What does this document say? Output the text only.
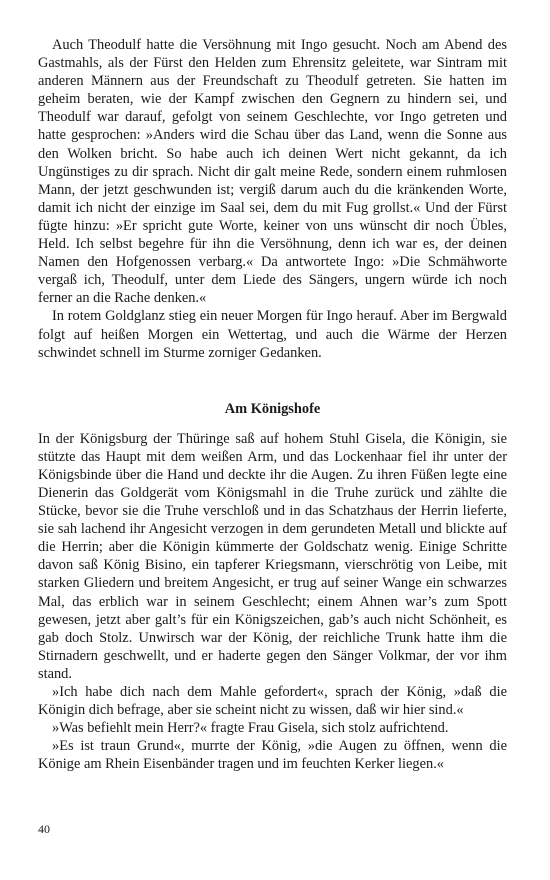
Auch Theodulf hatte die Versöhnung mit Ingo gesucht. Noch am Abend des Gastmahls, als der Fürst den Helden zum Ehrensitz geleitete, war Sintram mit anderen Männern aus der Freundschaft zu Theodulf getreten. Sie hatten im geheim beraten, wie der Kampf zwischen den Gegnern zu hindern sei, und Theodulf war darauf, gefolgt von seinem Geschlechte, vor Ingo getreten und hatte gesprochen: »Anders wird die Schau über das Land, wenn die Sonne aus den Wolken bricht. So habe auch ich deinen Wert nicht gekannt, da ich Ungünstiges zu dir sprach. Nicht dir galt meine Rede, sondern einem ruhmlosen Mann, der jetzt geschwunden ist; vergiß darum auch du die kränkenden Worte, damit ich nicht der einzige im Saal sei, dem du mit Fug grollst.« Und der Fürst fügte hinzu: »Er spricht gute Worte, keiner von uns wünscht dir noch Übles, Held. Ich selbst begehre für ihn die Versöhnung, denn ich war es, der deinen Namen den Hofgenossen verbarg.« Da antwortete Ingo: »Die Schmähworte vergaß ich, Theodulf, unter dem Liede des Sängers, ungern würde ich noch ferner an die Rache denken.«

In rotem Goldglanz stieg ein neuer Morgen für Ingo herauf. Aber im Bergwald folgt auf heißen Morgen ein Wettertag, und auch die Wärme der Herzen schwindet schnell im Sturme zorniger Gedanken.

Am Königshofe

In der Königsburg der Thüringe saß auf hohem Stuhl Gisela, die Königin, sie stützte das Haupt mit dem weißen Arm, und das Lockenhaar fiel ihr unter der Königsbinde über die Hand und deckte ihr die Augen. Zu ihren Füßen legte eine Dienerin das Goldgerät vom Königsmahl in die Truhe zurück und zählte die Stücke, bevor sie die Truhe verschloß und in das Schatzhaus der Herrin lieferte, sie sah lachend ihr Angesicht verzogen in dem gerundeten Metall und blickte auf die Herrin; aber die Königin kümmerte der Goldschatz wenig. Einige Schritte davon saß König Bisino, ein tapferer Kriegsmann, vierschrötig von Leibe, mit starken Gliedern und breitem Angesicht, er trug auf seiner Wange ein schwarzes Mal, das erblich war in seinem Geschlecht; einem Ahnen war’s zum Spott gewesen, jetzt aber galt’s für ein Königszeichen, gab’s auch nicht Schönheit, es gab doch Stolz. Unwirsch war der König, der reichliche Trunk hatte ihm die Stirnadern geschwellt, und er haderte gegen den Sänger Volkmar, der vor ihm stand.

»Ich habe dich nach dem Mahle gefordert«, sprach der König, »daß die Königin dich befrage, aber sie scheint nicht zu wissen, daß wir hier sind.«

»Was befiehlt mein Herr?« fragte Frau Gisela, sich stolz aufrichtend.

»Es ist traun Grund«, murrte der König, »die Augen zu öffnen, wenn die Könige am Rhein Eisenbänder tragen und im feuchten Kerker liegen.«

40
